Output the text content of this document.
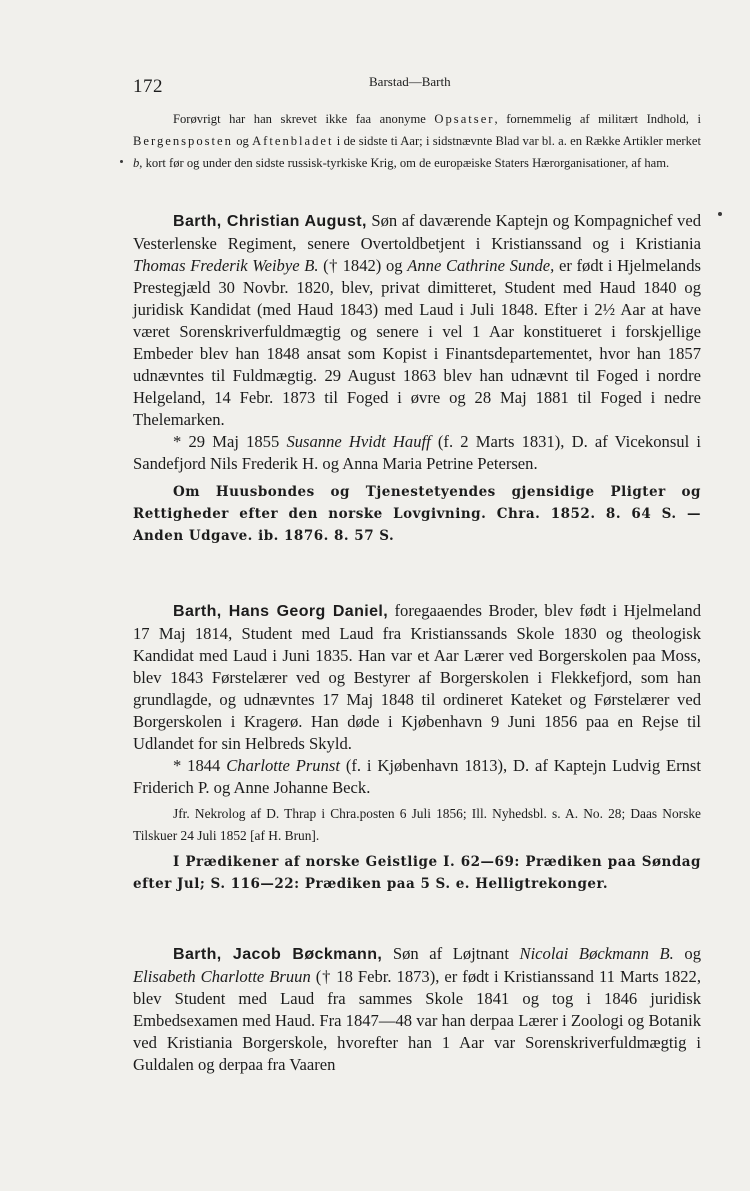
172	Barstad—Barth

Forøvrigt har han skrevet ikke faa anonyme Opsatser, fornemmelig af militært Indhold, i Bergensposten og Aftenbladet i de sidste ti Aar; i sidstnævnte Blad var bl. a. en Række Artikler merket b, kort før og under den sidste russisk-tyrkiske Krig, om de europæiske Staters Hærorganisationer, af ham.

Barth, Christian August, Søn af daværende Kaptejn og Kompagnichef ved Vesterlenske Regiment, senere Overtoldbetjent i Kristianssand og i Kristiania Thomas Frederik Weibye B. († 1842) og Anne Cathrine Sunde, er født i Hjelmelands Prestegjæld 30 Novbr. 1820, blev, privat dimitteret, Student med Haud 1840 og juridisk Kandidat (med Haud 1843) med Laud i Juli 1848. Efter i 2½ Aar at have været Sorenskriverfuldmægtig og senere i vel 1 Aar konstitueret i forskjellige Embeder blev han 1848 ansat som Kopist i Finantsdepartementet, hvor han 1857 udnævntes til Fuldmægtig. 29 August 1863 blev han udnævnt til Foged i nordre Helgeland, 14 Febr. 1873 til Foged i øvre og 28 Maj 1881 til Foged i nedre Thelemarken.

* 29 Maj 1855 Susanne Hvidt Hauff (f. 2 Marts 1831), D. af Vicekonsul i Sandefjord Nils Frederik H. og Anna Maria Petrine Petersen.

Om Huusbondes og Tjenestetyendes gjensidige Pligter og Rettigheder efter den norske Lovgivning. Chra. 1852. 8. 64 S. — Anden Udgave. ib. 1876. 8. 57 S.

Barth, Hans Georg Daniel, foregaaendes Broder, blev født i Hjelmeland 17 Maj 1814, Student med Laud fra Kristianssands Skole 1830 og theologisk Kandidat med Laud i Juni 1835. Han var et Aar Lærer ved Borgerskolen paa Moss, blev 1843 Førstelærer ved og Bestyrer af Borgerskolen i Flekkefjord, som han grundlagde, og udnævntes 17 Maj 1848 til ordineret Kateket og Førstelærer ved Borgerskolen i Kragerø. Han døde i Kjøbenhavn 9 Juni 1856 paa en Rejse til Udlandet for sin Helbreds Skyld.

* 1844 Charlotte Prunst (f. i Kjøbenhavn 1813), D. af Kaptejn Ludvig Ernst Friderich P. og Anne Johanne Beck.

Jfr. Nekrolog af D. Thrap i Chra.posten 6 Juli 1856; Ill. Nyhedsbl. s. A. No. 28; Daas Norske Tilskuer 24 Juli 1852 [af H. Brun].

I Prædikener af norske Geistlige I. 62—69: Prædiken paa Søndag efter Jul; S. 116—22: Prædiken paa 5 S. e. Helligtrekonger.

Barth, Jacob Bøckmann, Søn af Løjtnant Nicolai Bøckmann B. og Elisabeth Charlotte Bruun († 18 Febr. 1873), er født i Kristianssand 11 Marts 1822, blev Student med Laud fra sammes Skole 1841 og tog i 1846 juridisk Embedsexamen med Haud. Fra 1847—48 var han derpaa Lærer i Zoologi og Botanik ved Kristiania Borgerskole, hvorefter han 1 Aar var Sorenskriverfuldmægtig i Guldalen og derpaa fra Vaaren
